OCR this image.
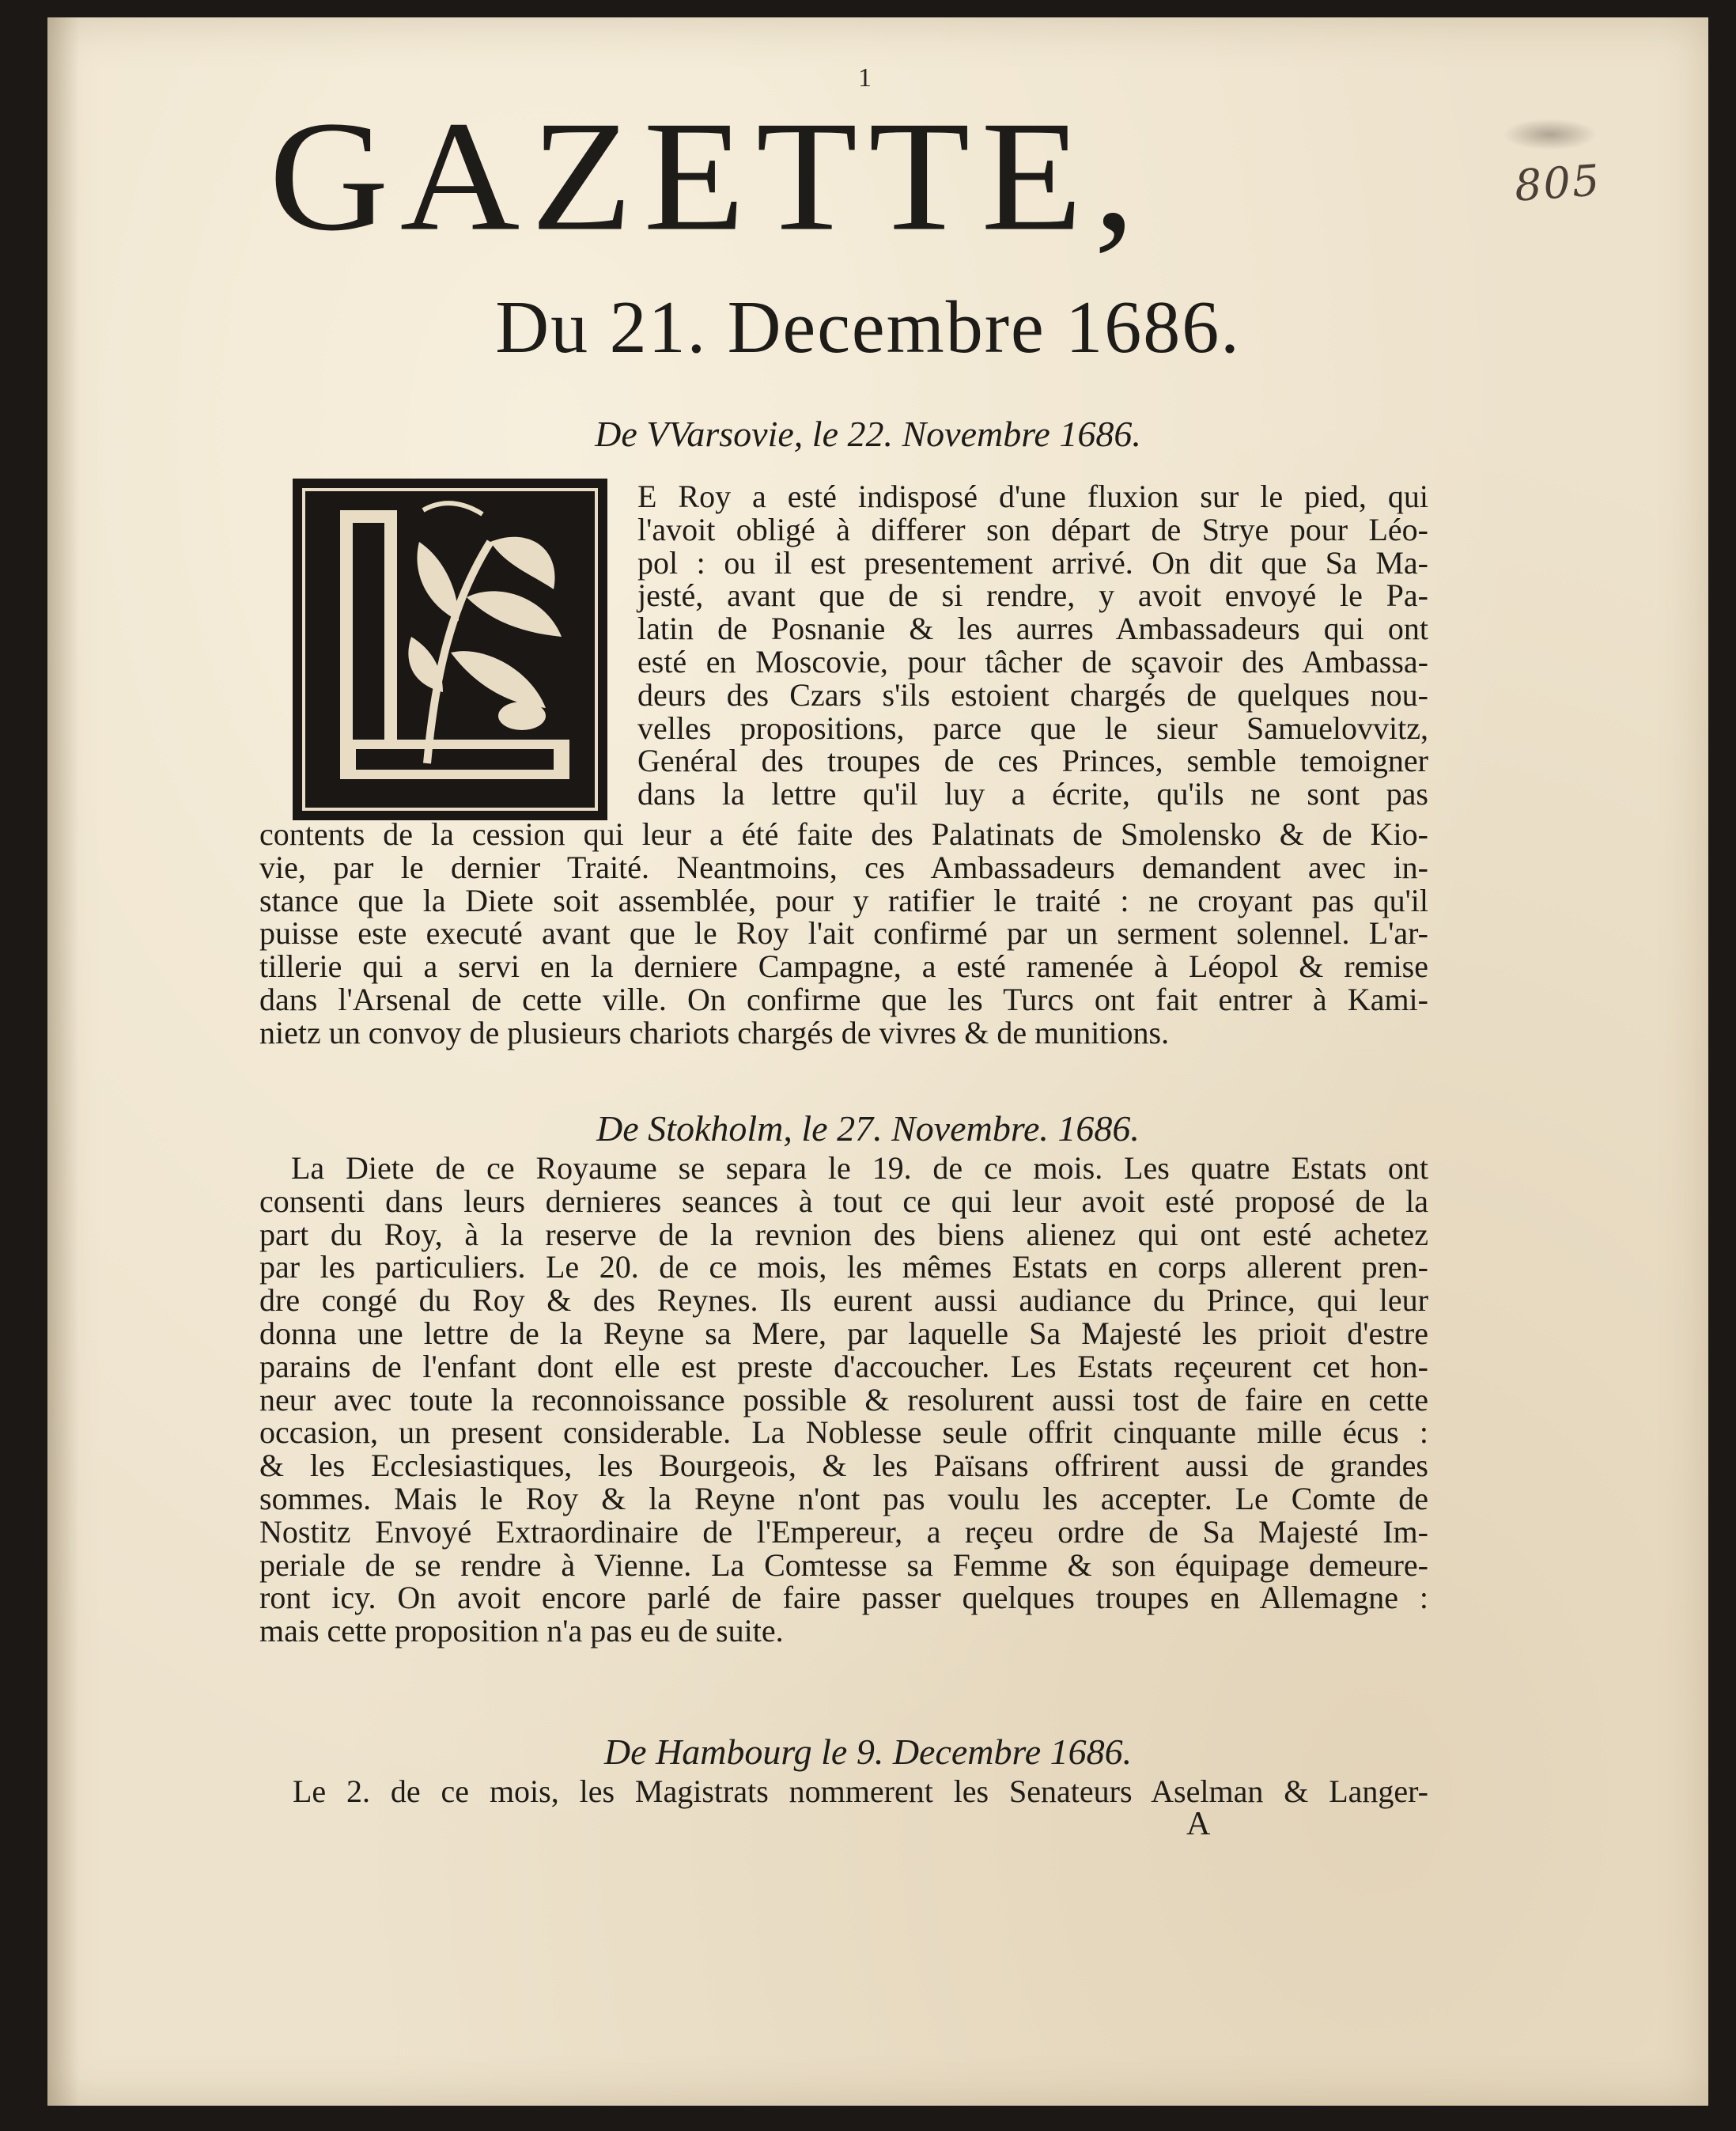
1
805
GAZETTE,
Du 21. Decembre 1686.
De VVarsovie, le 22. Novembre 1686.
E Roy a esté indisposé d'une fluxion sur le pied, qui
l'avoit obligé à differer son départ de Strye pour Léo-
pol : ou il est presentement arrivé. On dit que Sa Ma-
jesté, avant que de si rendre, y avoit envoyé le Pa-
latin de Posnanie & les aurres Ambassadeurs qui ont
esté en Moscovie, pour tâcher de sçavoir des Ambassa-
deurs des Czars s'ils estoient chargés de quelques nou-
velles propositions, parce que le sieur Samuelovvitz,
Genéral des troupes de ces Princes, semble temoigner
dans la lettre qu'il luy a écrite, qu'ils ne sont pas
contents de la cession qui leur a été faite des Palatinats de Smolensko & de Kio-
vie, par le dernier Traité. Neantmoins, ces Ambassadeurs demandent avec in-
stance que la Diete soit assemblée, pour y ratifier le traité : ne croyant pas qu'il
puisse este executé avant que le Roy l'ait confirmé par un serment solennel. L'ar-
tillerie qui a servi en la derniere Campagne, a esté ramenée à Léopol & remise
dans l'Arsenal de cette ville. On confirme que les Turcs ont fait entrer à Kami-
nietz un convoy de plusieurs chariots chargés de vivres & de munitions.
De Stokholm, le 27. Novembre. 1686.
La Diete de ce Royaume se separa le 19. de ce mois. Les quatre Estats ont
consenti dans leurs dernieres seances à tout ce qui leur avoit esté proposé de la
part du Roy, à la reserve de la revnion des biens alienez qui ont esté achetez
par les particuliers. Le 20. de ce mois, les mêmes Estats en corps allerent pren-
dre congé du Roy & des Reynes. Ils eurent aussi audiance du Prince, qui leur
donna une lettre de la Reyne sa Mere, par laquelle Sa Majesté les prioit d'estre
parains de l'enfant dont elle est preste d'accoucher. Les Estats reçeurent cet hon-
neur avec toute la reconnoissance possible & resolurent aussi tost de faire en cette
occasion, un present considerable. La Noblesse seule offrit cinquante mille écus :
& les Ecclesiastiques, les Bourgeois, & les Païsans offrirent aussi de grandes
sommes. Mais le Roy & la Reyne n'ont pas voulu les accepter. Le Comte de
Nostitz Envoyé Extraordinaire de l'Empereur, a reçeu ordre de Sa Majesté Im-
periale de se rendre à Vienne. La Comtesse sa Femme & son équipage demeure-
ront icy. On avoit encore parlé de faire passer quelques troupes en Allemagne :
mais cette proposition n'a pas eu de suite.
De Hambourg le 9. Decembre 1686.
Le 2. de ce mois, les Magistrats nommerent les Senateurs Aselman & Langer-
A
